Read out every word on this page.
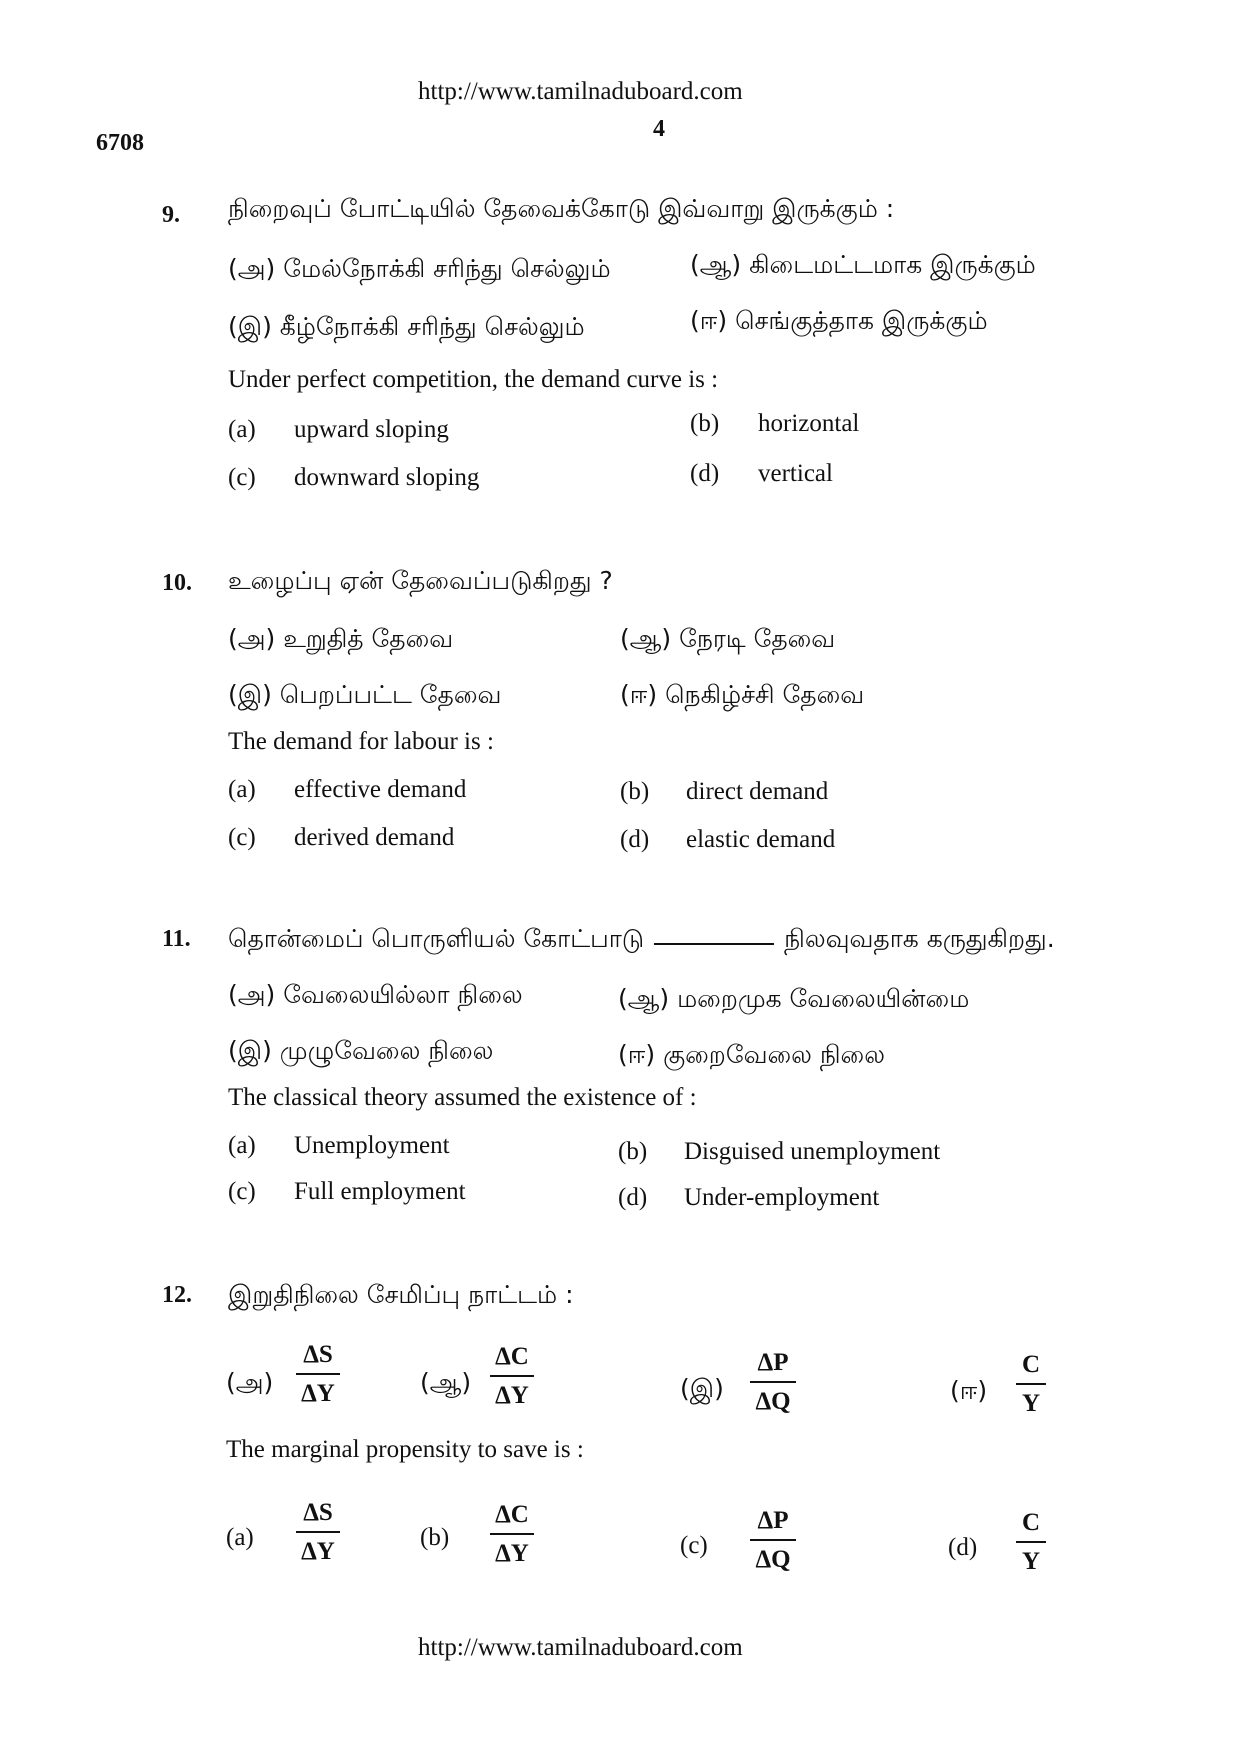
http://www.tamilnaduboard.com
6708
4
9. நிறைவுப் போட்டியில் தேவைக்கோடு இவ்வாறு இருக்கும் :
(அ) மேல்நோக்கி சரிந்து செல்லும்	(ஆ) கிடைமட்டமாக இருக்கும்
(இ) கீழ்நோக்கி சரிந்து செல்லும்	(ஈ) செங்குத்தாக இருக்கும்
Under perfect competition, the demand curve is :
(a) upward sloping	(b) horizontal
(c) downward sloping	(d) vertical
10. உழைப்பு ஏன் தேவைப்படுகிறது ?
(அ) உறுதித் தேவை	(ஆ) நேரடி தேவை
(இ) பெறப்பட்ட தேவை	(ஈ) நெகிழ்ச்சி தேவை
The demand for labour is :
(a) effective demand	(b) direct demand
(c) derived demand	(d) elastic demand
11. தொன்மைப் பொருளியல் கோட்பாடு	நிலவுவதாக கருதுகிறது.
(அ) வேலையில்லா நிலை	(ஆ) மறைமுக வேலையின்மை
(இ) முழுவேலை நிலை	(ஈ) குறைவேலை நிலை
The classical theory assumed the existence of :
(a) Unemployment	(b) Disguised unemployment
(c) Full employment	(d) Under-employment
12. இறுதிநிலை சேமிப்பு நாட்டம் :
(அ)
ΔS
ΔY	(ஆ)
ΔC
ΔY	(இ)
ΔP
ΔQ	(ஈ)
C
Y
The marginal propensity to save is :
(a)
ΔS
ΔY
(b)
ΔC
ΔY	(c)
ΔP
ΔQ	(d)
C
Y
http://www.tamilnaduboard.com
